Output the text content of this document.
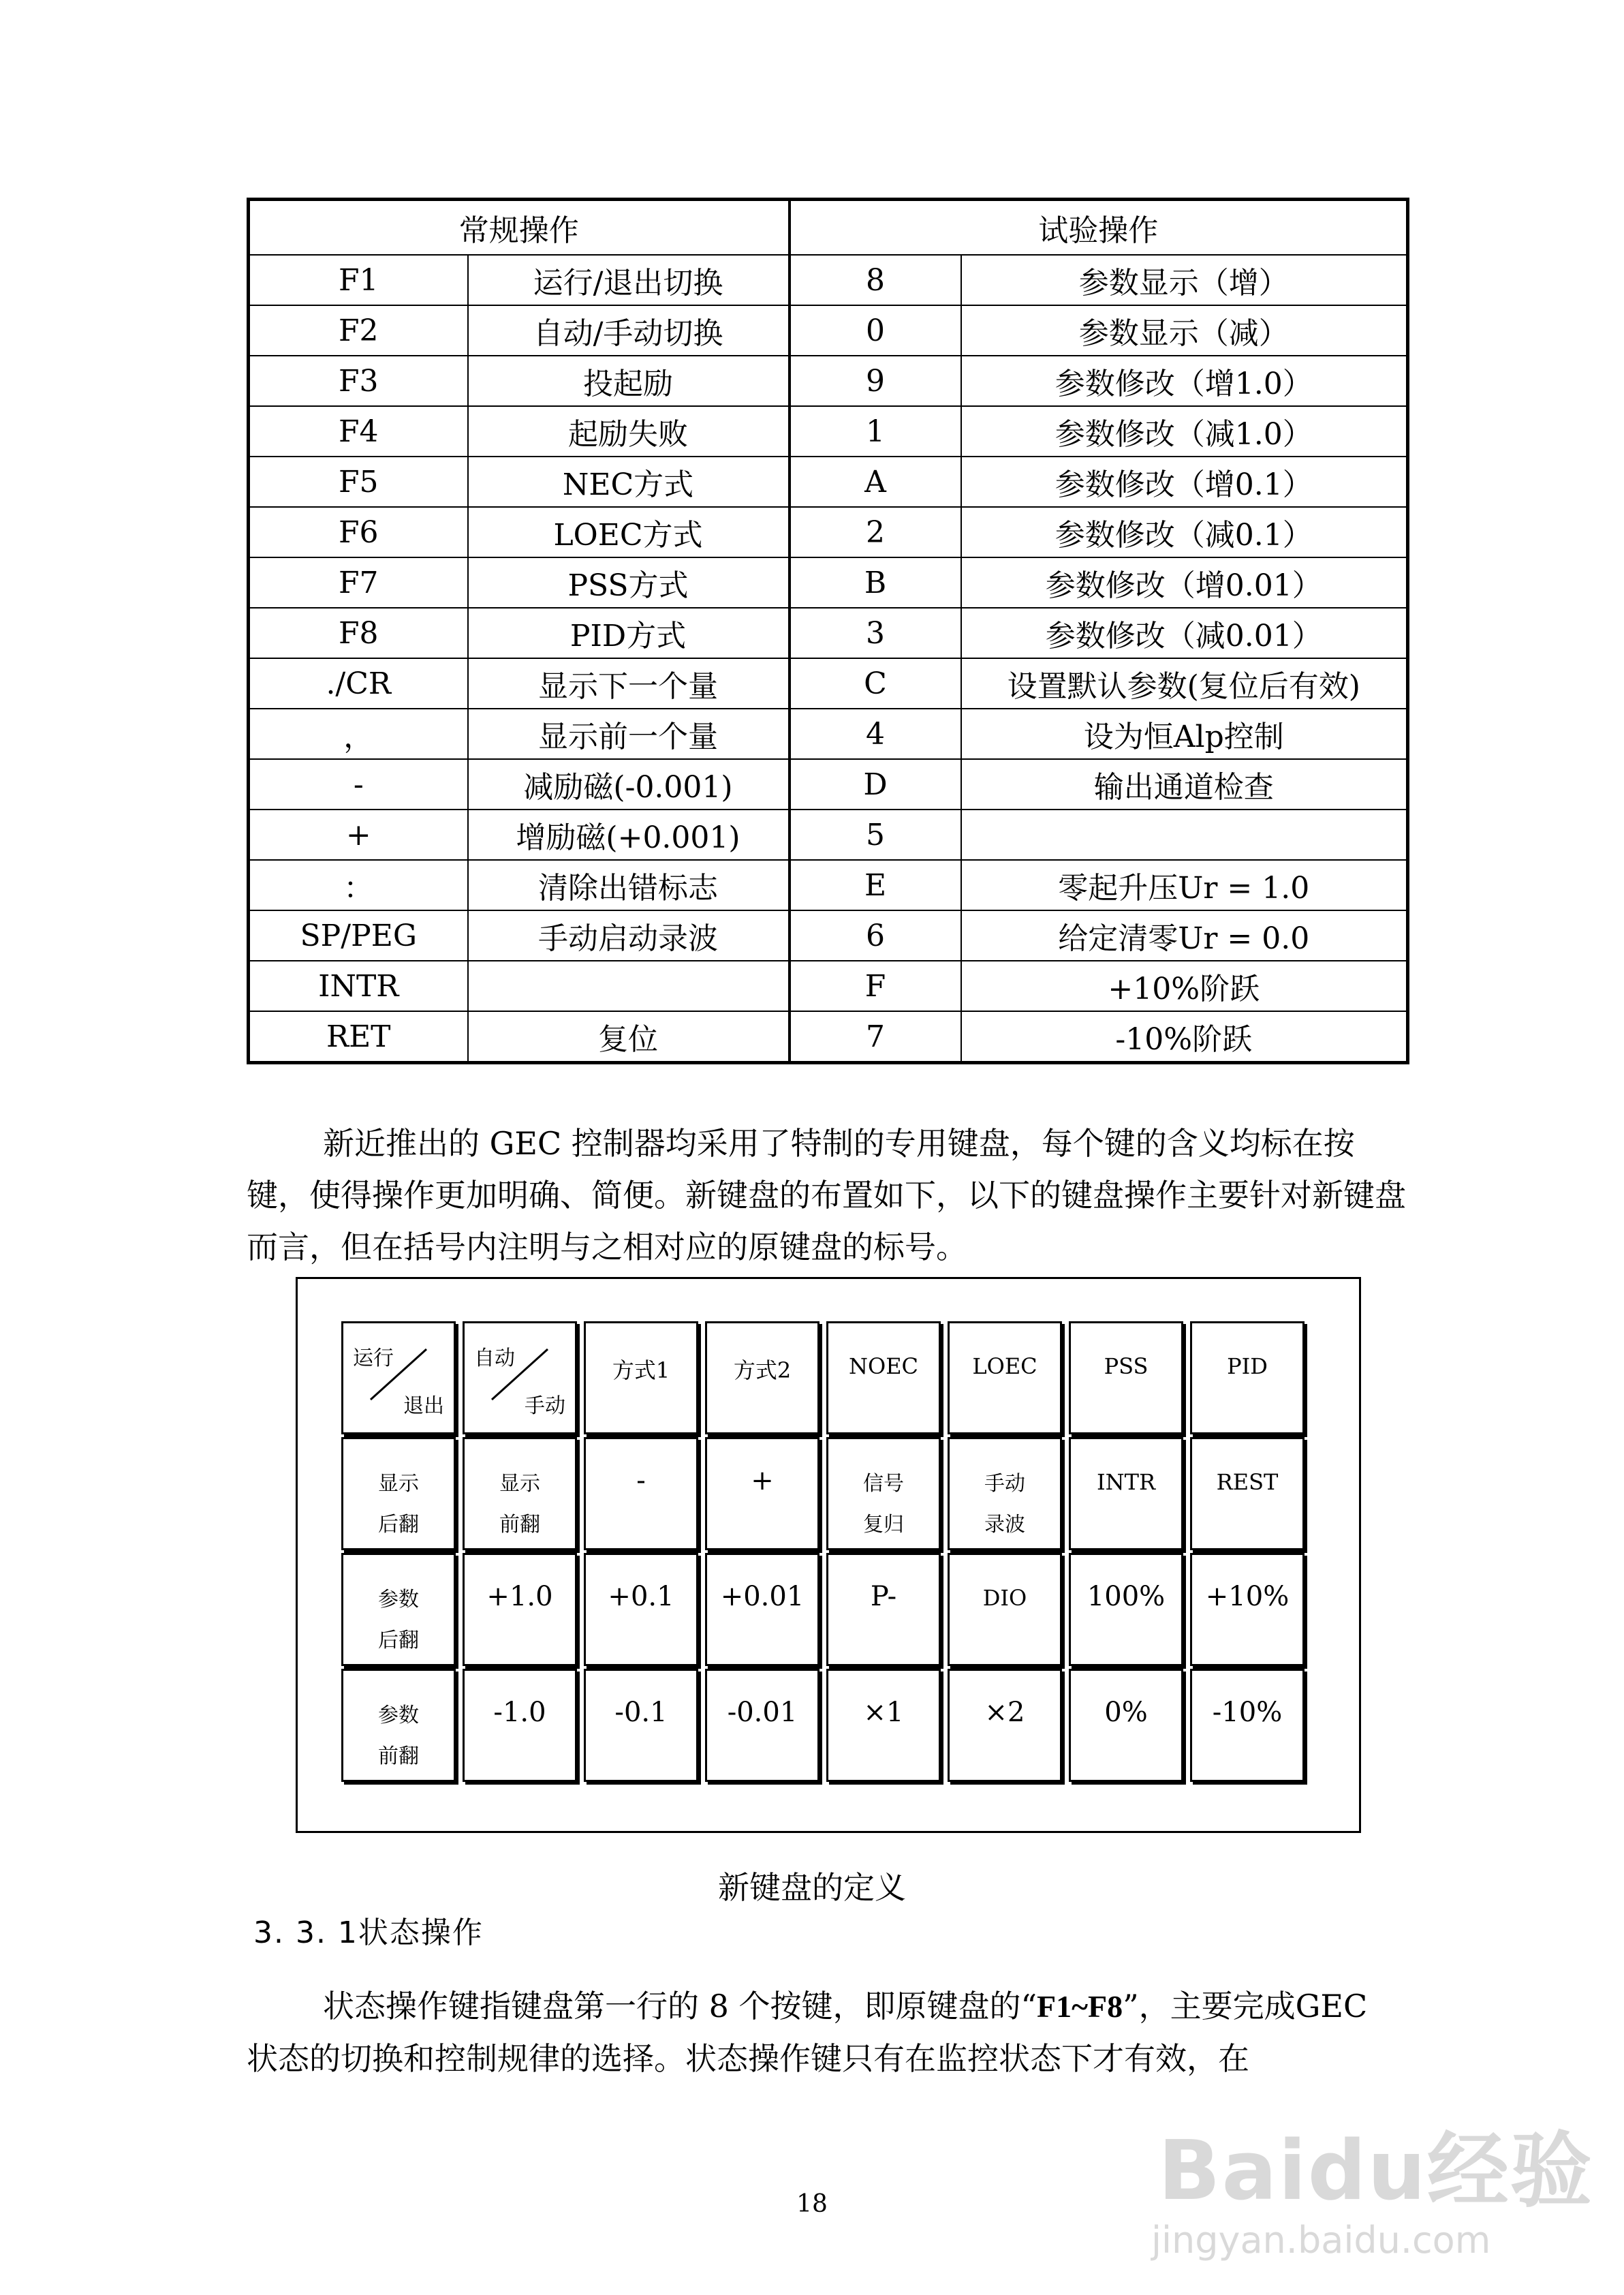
常规操作		试验操作	
F1	运行/退出切换	8	参数显示（增）
F2	自动/手动切换	0	参数显示（减）
F3	投起励	9	参数修改（增1.0）
F4	起励失败	1	参数修改（减1.0）
F5	NEC方式	A	参数修改（增0.1）
F6	LOEC方式	2	参数修改（减0.1）
F7	PSS方式	B	参数修改（增0.01）
F8	PID方式	3	参数修改（减0.01）
./CR	显示下一个量	C	设置默认参数(复位后有效)
，	显示前一个量	4	设为恒Alp控制
-	减励磁(-0.001)	D	输出通道检查
+	增励磁(+0.001)	5	
：	清除出错标志	E	零起升压Ur = 1.0
SP/PEG	手动启动录波	6	给定清零Ur = 0.0
INTR		F	+10%阶跃
RET	复位	7	-10%阶跃
新近推出的 GEC 控制器均采用了特制的专用键盘，每个键的含义均标在按键，使得操作更加明确、简便。新键盘的布置如下，以下的键盘操作主要针对新键盘而言，但在括号内注明与之相对应的原键盘的标号。
运行
退出
自动
手动
方式1	方式2	NOEC	LOEC	PSS	PID
显示
后翻
显示
前翻
-	+	信号
复归
手动
录波
INTR	REST
参数
后翻
+1.0	+0.1	+0.01	P-	DIO	100%	+10%
参数
前翻
-1.0	-0.1	-0.01	×1	×2	0%	-10%
新键盘的定义
3. 3. 1状态操作
状态操作键指键盘第一行的 8 个按键，即原键盘的“F1~F8”，主要完成GEC 状态的切换和控制规律的选择。状态操作键只有在监控状态下才有效，在
18	Baidu经验
jingyan.baidu.com
